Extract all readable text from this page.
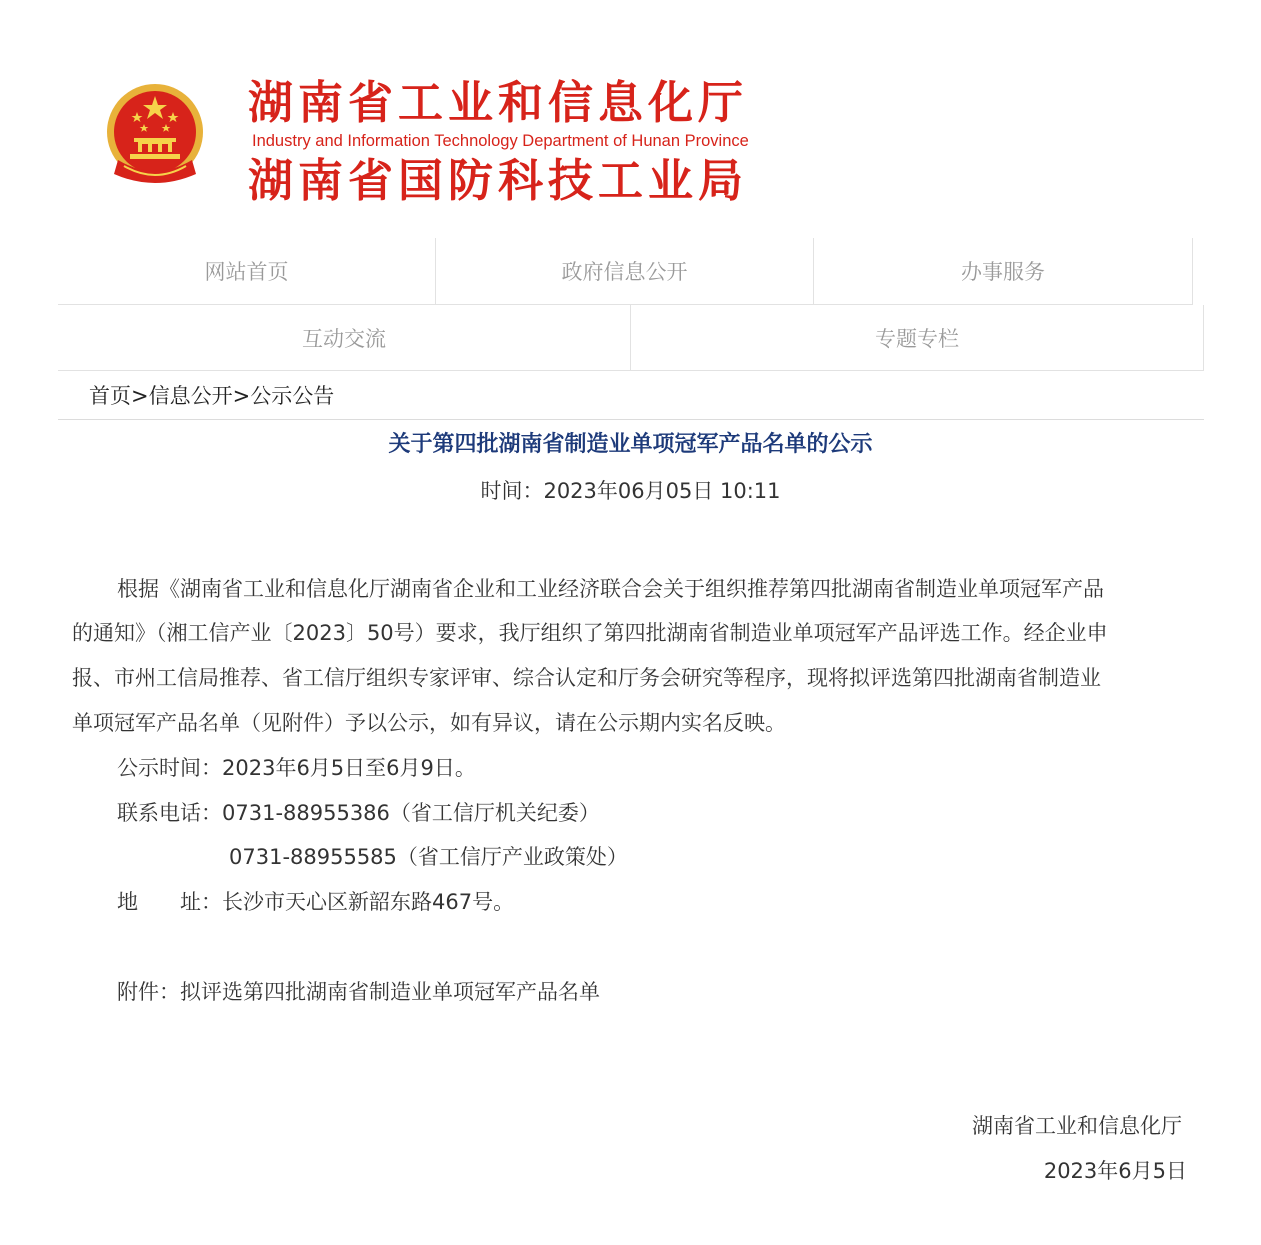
湖南省工业和信息化厅
Industry and Information Technology Department of Hunan Province
湖南省国防科技工业局
网站首页	政府信息公开	办事服务
互动交流	专题专栏
首页>信息公开>公示公告
关于第四批湖南省制造业单项冠军产品名单的公示
时间：2023年06月05日 10:11
根据《湖南省工业和信息化厅湖南省企业和工业经济联合会关于组织推荐第四批湖南省制造业单项冠军产品
的通知》（湘工信产业〔2023〕50号）要求，我厅组织了第四批湖南省制造业单项冠军产品评选工作。经企业申
报、市州工信局推荐、省工信厅组织专家评审、综合认定和厅务会研究等程序，现将拟评选第四批湖南省制造业
单项冠军产品名单（见附件）予以公示，如有异议，请在公示期内实名反映。
公示时间：2023年6月5日至6月9日。
联系电话：0731-88955386（省工信厅机关纪委）
0731-88955585（省工信厅产业政策处）
地　　址：长沙市天心区新韶东路467号。
附件：拟评选第四批湖南省制造业单项冠军产品名单
湖南省工业和信息化厅
2023年6月5日
